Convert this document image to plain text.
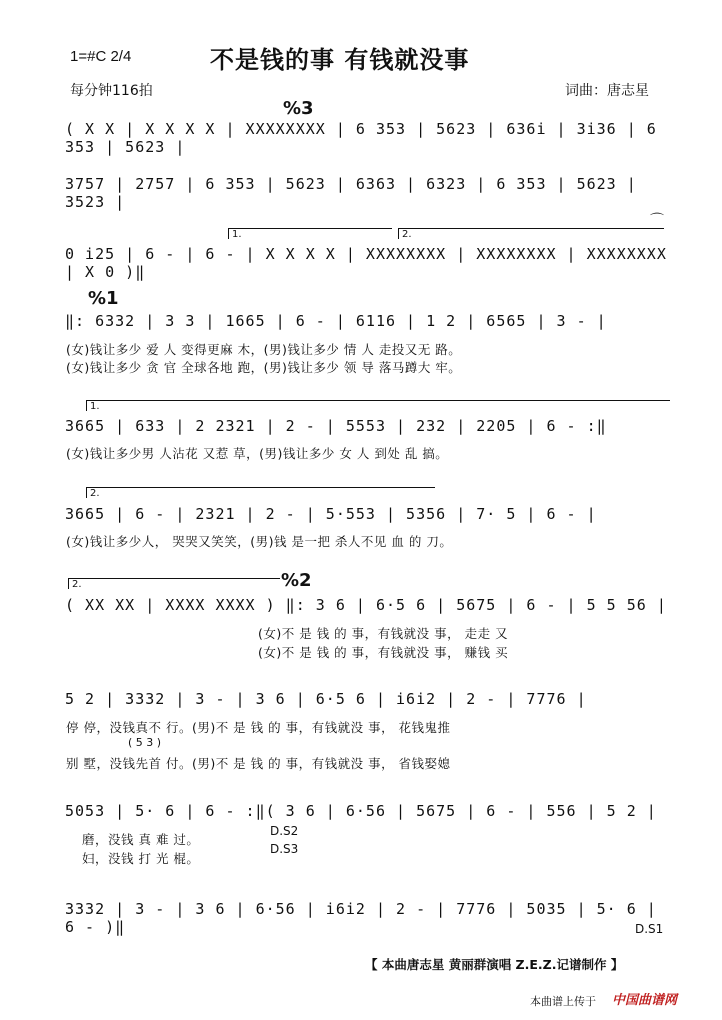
1=#C 2/4	不是钱的事 有钱就没事
每分钟116拍	词曲：唐志星
%3
( X X | X X X X | XXXXXXXX | 6 353 | 5623 | 636i | 3i36 | 6 353 | 5623 |
3757 | 2757 | 6 353 | 5623 | 6363 | 6323 | 6 353 | 5623 | 3523 |
1.	2.
⌒
0 i25 | 6 - | 6 - | X X X X | XXXXXXXX | XXXXXXXX | XXXXXXXX | X 0 )‖
%1
‖: 6332 | 3 3 | 1665 | 6 - | 6116 | 1 2 | 6565 | 3 - |
(女)钱让多少 爱 人 变得更麻 木，(男)钱让多少 情 人 走投又无 路。
(女)钱让多少 贪 官 全球各地 跑，(男)钱让多少 领 导 落马蹲大 牢。
1.
3665 | 633 | 2 2321 | 2 - | 5553 | 232 | 2205 | 6 - :‖
(女)钱让多少男 人沾花 又惹 草，(男)钱让多少 女 人 到处 乱 搞。
2.
3665 | 6 - | 2321 | 2 - | 5·553 | 5356 | 7· 5 | 6 - |
(女)钱让多少人， 哭哭又笑笑，(男)钱 是一把 杀人不见 血 的 刀。
2.	%2
( XX XX | XXXX XXXX ) ‖: 3 6 | 6·5 6 | 5675 | 6 - | 5 5 56 |
(女)不 是 钱 的 事，有钱就没 事， 走走 又
(女)不 是 钱 的 事，有钱就没 事， 赚钱 买
5 2 | 3332 | 3 - | 3 6 | 6·5 6 | i6i2 | 2 - | 7776 |
停 停，没钱真不 行。(男)不 是 钱 的 事，有钱就没 事， 花钱鬼推
( 5 3 )
别 墅，没钱先首 付。(男)不 是 钱 的 事，有钱就没 事， 省钱娶媳
5053 | 5· 6 | 6 - :‖( 3 6 | 6·56 | 5675 | 6 - | 556 | 5 2 |
磨，没钱 真 难 过。
妇，没钱 打 光 棍。
D.S2
D.S3
3332 | 3 - | 3 6 | 6·56 | i6i2 | 2 - | 7776 | 5035 | 5· 6 | 6 - )‖	D.S1
【 本曲唐志星 黄丽群演唱 Z.E.Z.记谱制作 】
本曲谱上传于 中国曲谱网
